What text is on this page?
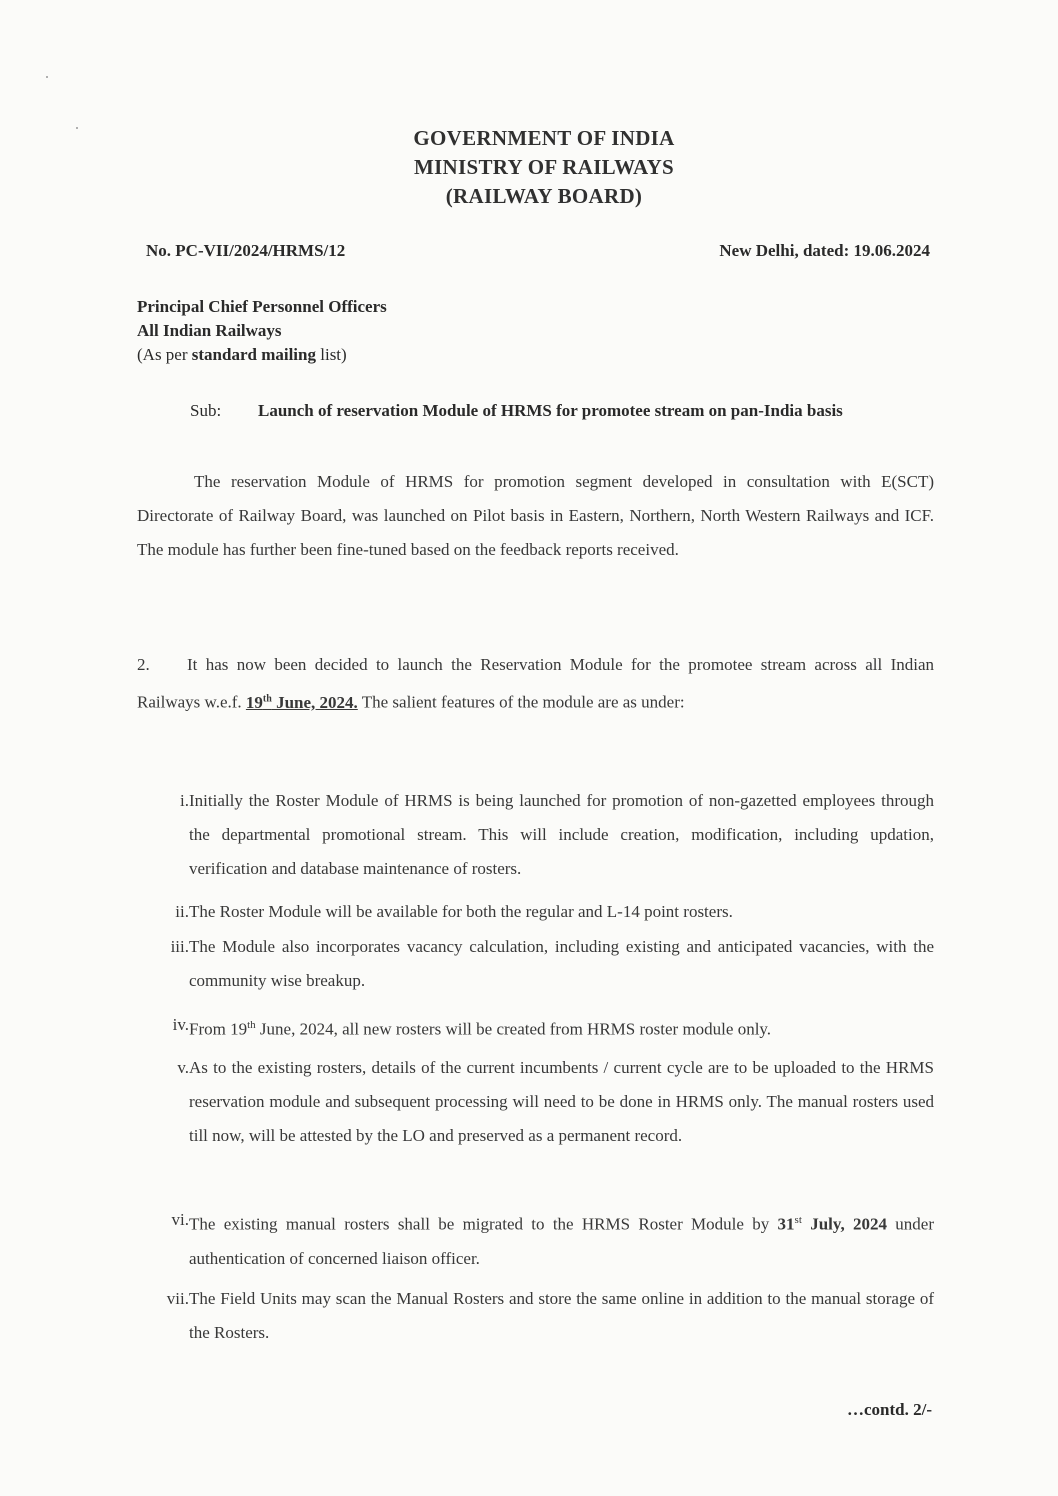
GOVERNMENT OF INDIA
MINISTRY OF RAILWAYS
(RAILWAY BOARD)
No. PC-VII/2024/HRMS/12	New Delhi, dated: 19.06.2024
Principal Chief Personnel Officers
All Indian Railways
(As per standard mailing list)
Sub:	Launch of reservation Module of HRMS for promotee stream on pan-India basis
The reservation Module of HRMS for promotion segment developed in consultation with E(SCT) Directorate of Railway Board, was launched on Pilot basis in Eastern, Northern, North Western Railways and ICF. The module has further been fine-tuned based on the feedback reports received.
2. It has now been decided to launch the Reservation Module for the promotee stream across all Indian Railways w.e.f. 19th June, 2024. The salient features of the module are as under:
i. Initially the Roster Module of HRMS is being launched for promotion of non-gazetted employees through the departmental promotional stream. This will include creation, modification, including updation, verification and database maintenance of rosters.
ii. The Roster Module will be available for both the regular and L-14 point rosters.
iii. The Module also incorporates vacancy calculation, including existing and anticipated vacancies, with the community wise breakup.
iv. From 19th June, 2024, all new rosters will be created from HRMS roster module only.
v. As to the existing rosters, details of the current incumbents / current cycle are to be uploaded to the HRMS reservation module and subsequent processing will need to be done in HRMS only. The manual rosters used till now, will be attested by the LO and preserved as a permanent record.
vi. The existing manual rosters shall be migrated to the HRMS Roster Module by 31st July, 2024 under authentication of concerned liaison officer.
vii. The Field Units may scan the Manual Rosters and store the same online in addition to the manual storage of the Rosters.
…contd. 2/-
